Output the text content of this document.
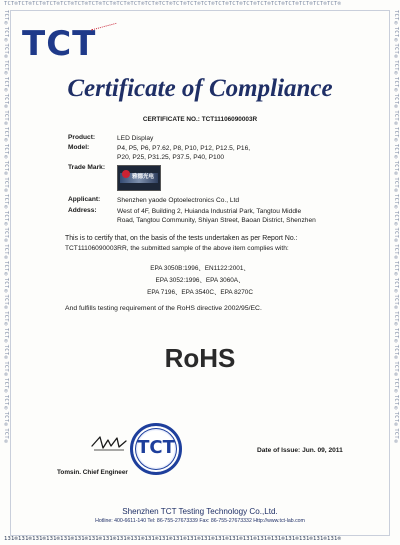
TCT®TCT®TCT®TCT®TCT®TCT®TCT®TCT®TCT®TCT®TCT®TCT®TCT®TCT®TCT®TCT®TCT®TCT®TCT®TCT®TCT®TCT®TCT®TCT®
131®131®131®131®131®131®131®131®131®131®131®131®131®131®131®131®131®131®131®131®131®131®131®131®
TCT®TCT®TCT®TCT®TCT®TCT®TCT®TCT®TCT®TCT®TCT®TCT®TCT®TCT®TCT®TCT®TCT®TCT®TCT®TCT®TCT®TCT®TCT®TCT®TCT®TCT®	TCT®TCT®TCT®TCT®TCT®TCT®TCT®TCT®TCT®TCT®TCT®TCT®TCT®TCT®TCT®TCT®TCT®TCT®TCT®TCT®TCT®TCT®TCT®TCT®TCT®TCT®
TCT
Certificate of Compliance
CERTIFICATE NO.: TCT11106090003R
Product:	LED Display
Model:	P4, P5, P6, P7.62, P8, P10, P12, P12.5, P16,
P20, P25, P31.25, P37.5, P40, P100
Trade Mark:
雅德光电
Applicant:	Shenzhen yaode Optoelectronics Co., Ltd
Address:	West of 4F, Building 2, Huianda Industrial Park, Tangtou Middle
Road, Tangtou Community, Shiyan Street, Baoan District, Shenzhen
This is to certify that, on the basis of the tests undertaken as per Report No.:
TCT11106090003RR, the submitted sample of the above item complies with:
EPA 3050B:1996、EN1122:2001、
EPA 3052:1996、EPA 3060A、
EPA 7196、EPA 3540C、EPA 8270C
And fulfills testing requirement of the RoHS directive 2002/95/EC.
RoHS
TCT
Tomsin. Chief Engineer
Date of Issue: Jun. 09, 2011
Shenzhen TCT Testing Technology Co.,Ltd.
Hotline: 400-6611-140 Tel: 86-755-27673339 Fax: 86-755-27673332 Http://www.tct-lab.com
